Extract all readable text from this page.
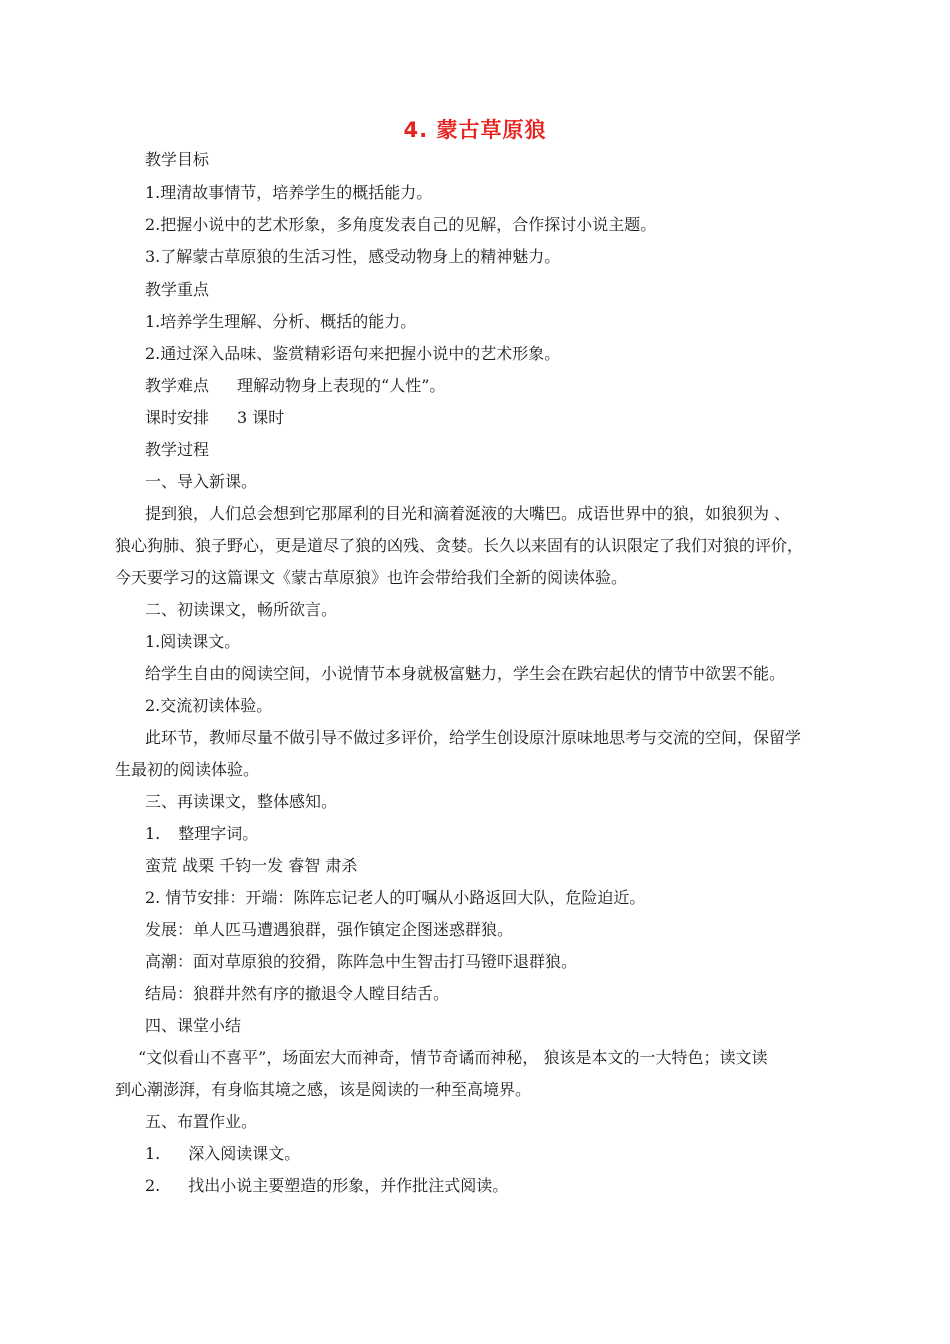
4. 蒙古草原狼
教学目标
1.理清故事情节，培养学生的概括能力。
2.把握小说中的艺术形象，多角度发表自己的见解，合作探讨小说主题。
3.了解蒙古草原狼的生活习性，感受动物身上的精神魅力。
教学重点
1.培养学生理解、分析、概括的能力。
2.通过深入品味、鉴赏精彩语句来把握小说中的艺术形象。
教学难点 理解动物身上表现的“人性”。
课时安排 3 课时
教学过程
一、导入新课。
提到狼，人们总会想到它那犀利的目光和滴着涎液的大嘴巴。成语世界中的狼，如狼狈为 、
狼心狗肺、狼子野心，更是道尽了狼的凶残、贪婪。长久以来固有的认识限定了我们对狼的评价，
今天要学习的这篇课文《蒙古草原狼》也许会带给我们全新的阅读体验。
二、初读课文，畅所欲言。
1.阅读课文。
给学生自由的阅读空间，小说情节本身就极富魅力，学生会在跌宕起伏的情节中欲罢不能。
2.交流初读体验。
此环节，教师尽量不做引导不做过多评价，给学生创设原汁原味地思考与交流的空间，保留学
生最初的阅读体验。
三、再读课文，整体感知。
1. 整理字词。
蛮荒 战栗 千钧一发 睿智 肃杀
2. 情节安排：开端：陈阵忘记老人的叮嘱从小路返回大队，危险迫近。
发展：单人匹马遭遇狼群，强作镇定企图迷惑群狼。
高潮：面对草原狼的狡猾，陈阵急中生智击打马镫吓退群狼。
结局：狼群井然有序的撤退令人瞠目结舌。
四、课堂小结
“文似看山不喜平”，场面宏大而神奇，情节奇谲而神秘， 狼该是本文的一大特色；读文读
到心潮澎湃，有身临其境之感，该是阅读的一种至高境界。
五、布置作业。
1. 深入阅读课文。
2. 找出小说主要塑造的形象，并作批注式阅读。
